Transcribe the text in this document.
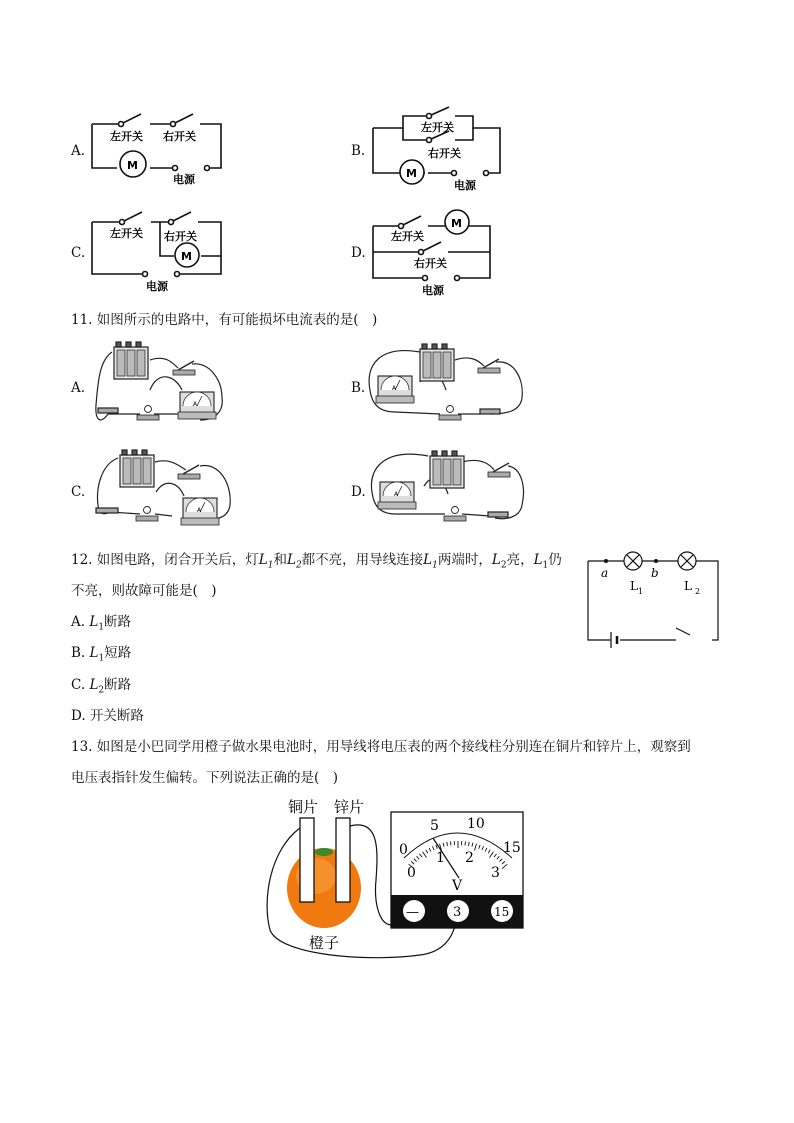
A.
左开关 右开关
M
电源
B.
左开关
右开关
M
电源
C.
左开关 右开关
M
电源
D.
左开关
右开关
M
电源
11. 如图所示的电路中，有可能损坏电流表的是(　)
A.	B.
C.	D.
A
A
A
A
12. 如图电路，闭合开关后，灯$L_1$和$L_2$都不亮，用导线连接$L_1$两端时，$L_2$亮，$L_1$仍
不亮，则故障可能是(　)
A. $L_1$断路
B. $L_1$短路
C. $L_2$断路
D. 开关断路
a	b
L 1	L 2
13. 如图是小巴同学用橙子做水果电池时，用导线将电压表的两个接线柱分别连在铜片和锌片上，观察到
电压表指针发生偏转。下列说法正确的是(　)
铜片 锌片
橙子
0
5 10
15
0
1 2
3
V
—	3	15
